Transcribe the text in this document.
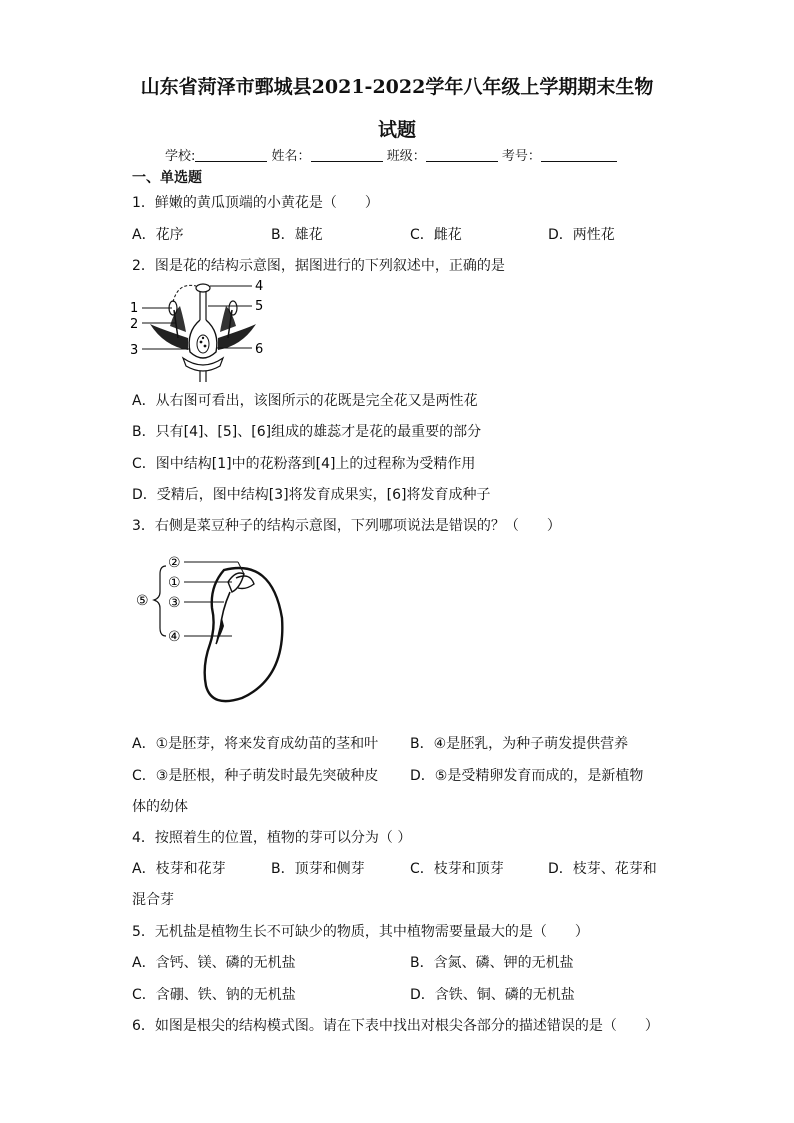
山东省菏泽市鄄城县2021-2022学年八年级上学期期末生物
试题
学校:	姓名：	班级：	考号：
一、单选题
1．鲜嫩的黄瓜顶端的小黄花是（　　）
A．花序	B．雄花	C．雌花	D．两性花
2．图是花的结构示意图，据图进行的下列叙述中，正确的是
1
2
3
4
5
6
A．从右图可看出，该图所示的花既是完全花又是两性花
B．只有[4]、[5]、[6]组成的雄蕊才是花的最重要的部分
C．图中结构[1]中的花粉落到[4]上的过程称为受精作用
D．受精后，图中结构[3]将发育成果实，[6]将发育成种子
3．右侧是菜豆种子的结构示意图，下列哪项说法是错误的？（　　）
②
①
⑤ ③
④
A．①是胚芽，将来发育成幼苗的茎和叶 B．④是胚乳，为种子萌发提供营养
C．③是胚根，种子萌发时最先突破种皮 D．⑤是受精卵发育而成的，是新植物
体的幼体
4．按照着生的位置，植物的芽可以分为（ ）
A．枝芽和花芽	B．顶芽和侧芽	C．枝芽和顶芽	D．枝芽、花芽和
混合芽
5．无机盐是植物生长不可缺少的物质，其中植物需要量最大的是（　　）
A．含钙、镁、磷的无机盐	B．含氮、磷、钾的无机盐
C．含硼、铁、钠的无机盐	D．含铁、铜、磷的无机盐
6．如图是根尖的结构模式图。请在下表中找出对根尖各部分的描述错误的是（　　）
